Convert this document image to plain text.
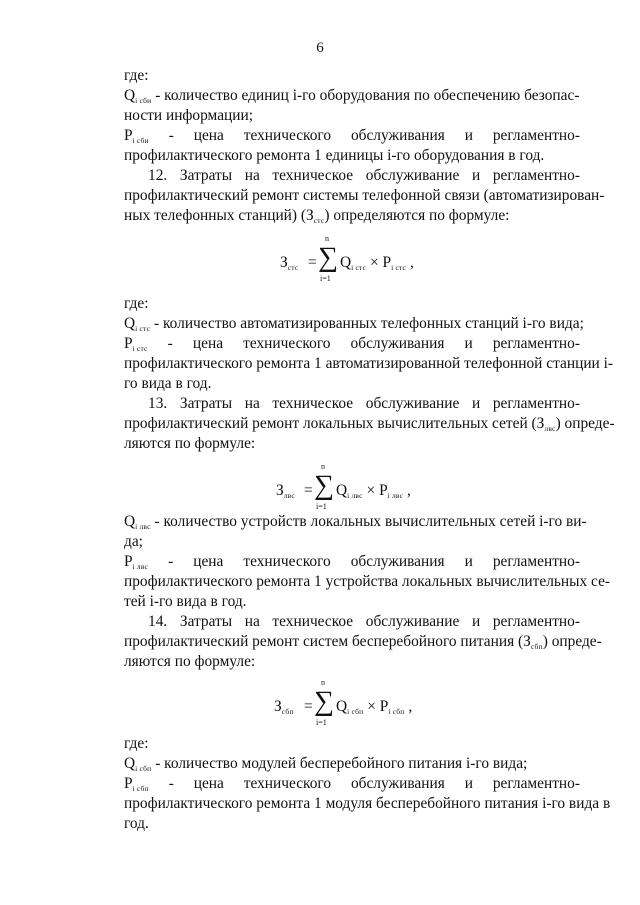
6
где:
$Q_{i сби}$ - количество единиц i-го оборудования по обеспечению безопас-
ности информации;
$P_{i сби}$ - цена технического обслуживания и регламентно-
профилактического ремонта 1 единицы i-го оборудования в год.
12. Затраты на техническое обслуживание и регламентно-
профилактический ремонт системы телефонной связи (автоматизирован-
ных телефонных станций) $(З_{стс})$ определяются по формуле:
$З_{стс}$ =
n
∑
i=1
$Q_{i стс} \times P_{i стс}$ ,
где:
$Q_{i стс}$ - количество автоматизированных телефонных станций i-го вида;
$P_{i стс}$ - цена технического обслуживания и регламентно-
профилактического ремонта 1 автоматизированной телефонной станции i-
го вида в год.
13. Затраты на техническое обслуживание и регламентно-
профилактический ремонт локальных вычислительных сетей $(З_{лвс})$ опреде-
ляются по формуле:
$З_{лвс}$ =
n
∑
i=1
$Q_{i лвс} \times P_{i лвс}$ ,
$Q_{i лвс}$ - количество устройств локальных вычислительных сетей i-го ви-
да;
$P_{i лвс}$ - цена технического обслуживания и регламентно-
профилактического ремонта 1 устройства локальных вычислительных се-
тей i-го вида в год.
14. Затраты на техническое обслуживание и регламентно-
профилактический ремонт систем бесперебойного питания $(З_{сбп})$ опреде-
ляются по формуле:
$З_{сбп}$ =
n
∑
i=1
$Q_{i сбп} \times P_{i сбп}$ ,
где:
$Q_{i сбп}$ - количество модулей бесперебойного питания i-го вида;
$P_{i сбп}$ - цена технического обслуживания и регламентно-
профилактического ремонта 1 модуля бесперебойного питания i-го вида в
год.
